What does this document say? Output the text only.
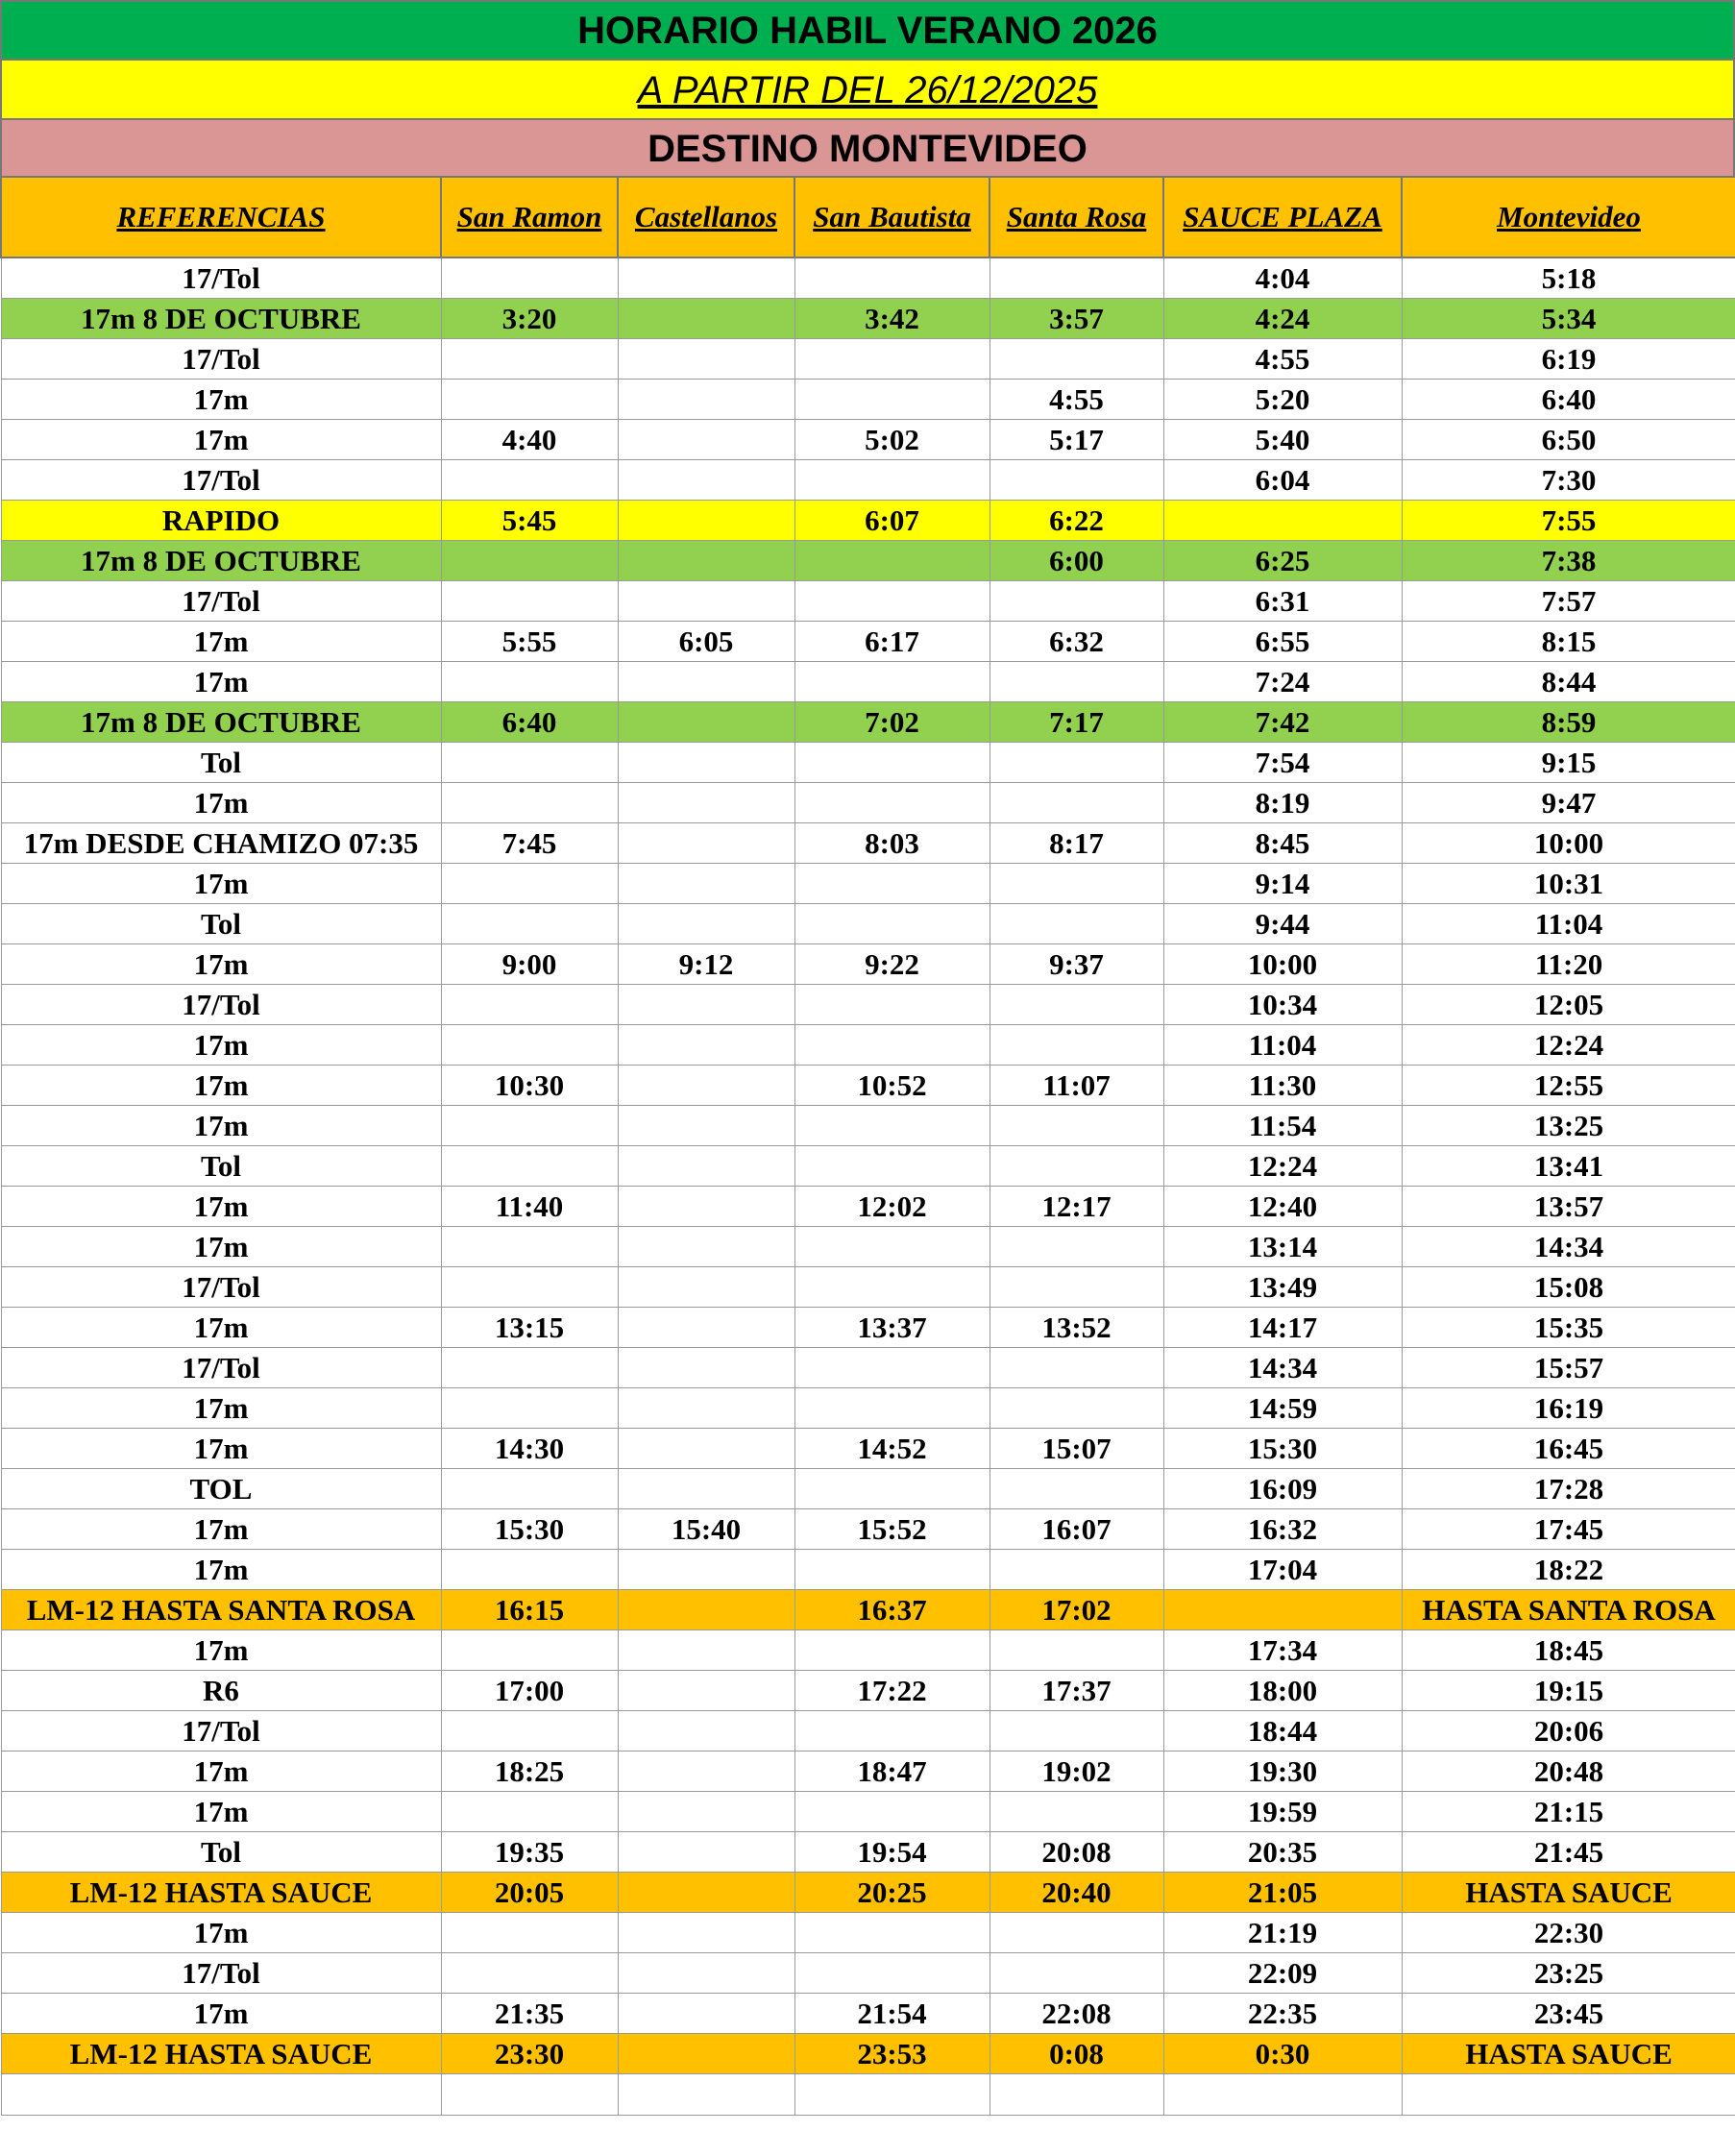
HORARIO HABIL VERANO 2026
A PARTIR DEL 26/12/2025
DESTINO MONTEVIDEO
REFERENCIAS	San Ramon	Castellanos	San Bautista	Santa Rosa	SAUCE PLAZA	Montevideo
17/Tol					4:04	5:18
17m 8 DE OCTUBRE	3:20		3:42	3:57	4:24	5:34
17/Tol					4:55	6:19
17m				4:55	5:20	6:40
17m	4:40		5:02	5:17	5:40	6:50
17/Tol					6:04	7:30
RAPIDO	5:45		6:07	6:22		7:55
17m 8 DE OCTUBRE				6:00	6:25	7:38
17/Tol					6:31	7:57
17m	5:55	6:05	6:17	6:32	6:55	8:15
17m					7:24	8:44
17m 8 DE OCTUBRE	6:40		7:02	7:17	7:42	8:59
Tol					7:54	9:15
17m					8:19	9:47
17m DESDE CHAMIZO 07:35	7:45		8:03	8:17	8:45	10:00
17m					9:14	10:31
Tol					9:44	11:04
17m	9:00	9:12	9:22	9:37	10:00	11:20
17/Tol					10:34	12:05
17m					11:04	12:24
17m	10:30		10:52	11:07	11:30	12:55
17m					11:54	13:25
Tol					12:24	13:41
17m	11:40		12:02	12:17	12:40	13:57
17m					13:14	14:34
17/Tol					13:49	15:08
17m	13:15		13:37	13:52	14:17	15:35
17/Tol					14:34	15:57
17m					14:59	16:19
17m	14:30		14:52	15:07	15:30	16:45
TOL					16:09	17:28
17m	15:30	15:40	15:52	16:07	16:32	17:45
17m					17:04	18:22
LM-12 HASTA SANTA ROSA	16:15		16:37	17:02		HASTA SANTA ROSA
17m					17:34	18:45
R6	17:00		17:22	17:37	18:00	19:15
17/Tol					18:44	20:06
17m	18:25		18:47	19:02	19:30	20:48
17m					19:59	21:15
Tol	19:35		19:54	20:08	20:35	21:45
LM-12 HASTA SAUCE	20:05		20:25	20:40	21:05	HASTA SAUCE
17m					21:19	22:30
17/Tol					22:09	23:25
17m	21:35		21:54	22:08	22:35	23:45
LM-12 HASTA SAUCE	23:30		23:53	0:08	0:30	HASTA SAUCE
